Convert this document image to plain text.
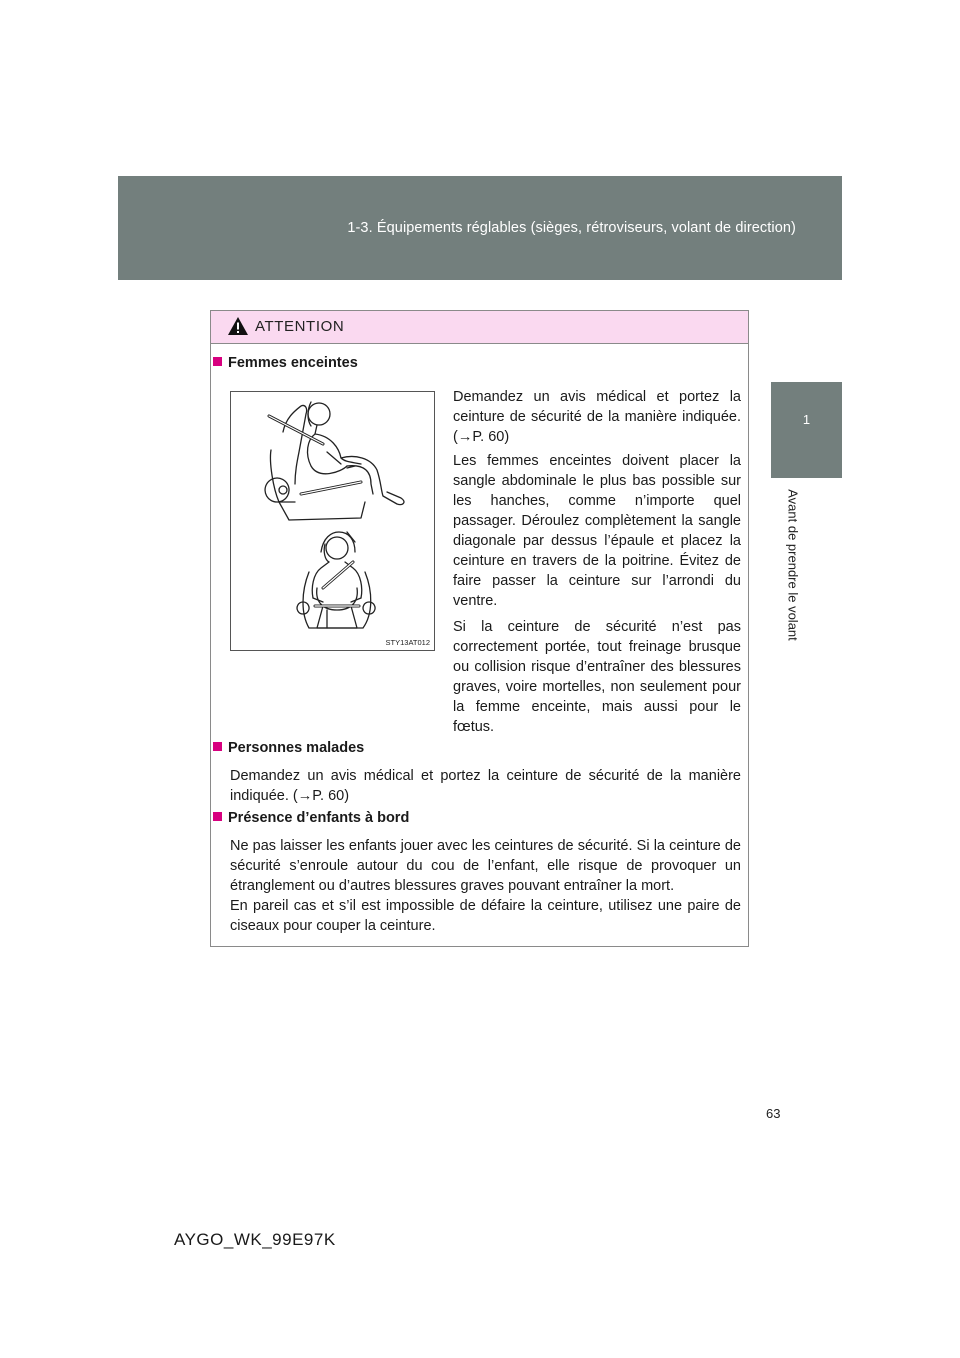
1-3. Équipements réglables (sièges, rétroviseurs, volant de direction)
1
Avant de prendre le volant
ATTENTION
Femmes enceintes
STY13AT012
Demandez un avis médical et portez la ceinture de sécurité de la manière indiquée. (→P. 60)
Les femmes enceintes doivent placer la sangle abdominale le plus bas possible sur les hanches, comme n’importe quel passager. Déroulez complètement la sangle diagonale par dessus l’épaule et placez la ceinture en travers de la poitrine. Évitez de faire passer la ceinture sur l’arrondi du ventre.
Si la ceinture de sécurité n’est pas correctement portée, tout freinage brusque ou collision risque d’entraîner des blessures graves, voire mortelles, non seulement pour la femme enceinte, mais aussi pour le fœtus.
Personnes malades
Demandez un avis médical et portez la ceinture de sécurité de la manière indiquée. (→P. 60)
Présence d’enfants à bord
Ne pas laisser les enfants jouer avec les ceintures de sécurité. Si la ceinture de sécurité s’enroule autour du cou de l’enfant, elle risque de provoquer un étranglement ou d’autres blessures graves pouvant entraîner la mort.
En pareil cas et s’il est impossible de défaire la ceinture, utilisez une paire de ciseaux pour couper la ceinture.
63
AYGO_WK_99E97K
